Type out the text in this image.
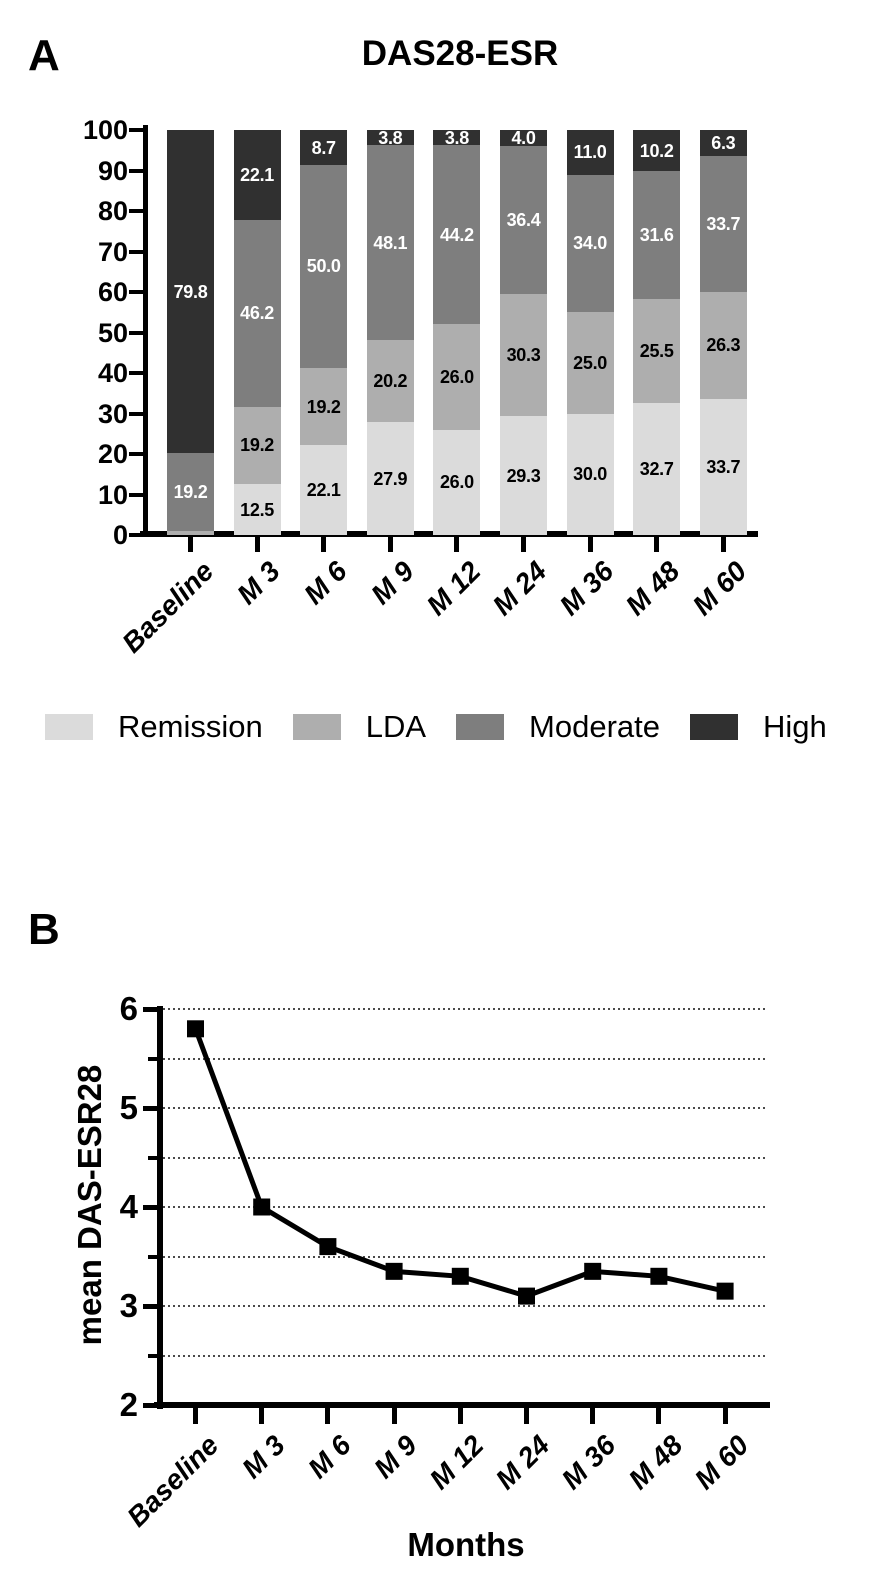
A	DAS28-ESR
B
mean DAS-ESR28
Months
0
10
20
30
40
50
60
70
80
90
100
19.2
79.8
Baseline
12.5
19.2
46.2
22.1
M 3
22.1
19.2
50.0
8.7
M 6
27.9
20.2
48.1
3.8
M 9
26.0
26.0
44.2
3.8
M 12
29.3
30.3
36.4
4.0
M 24
30.0
25.0
34.0
11.0
M 36
32.7
25.5
31.6
10.2
M 48
33.7
26.3
33.7
6.3
M 60
Remission	LDA	Moderate	High
2
3
4
5
6
Baseline M 3 M 6 M 9 M 12 M 24 M 36 M 48 M 60
